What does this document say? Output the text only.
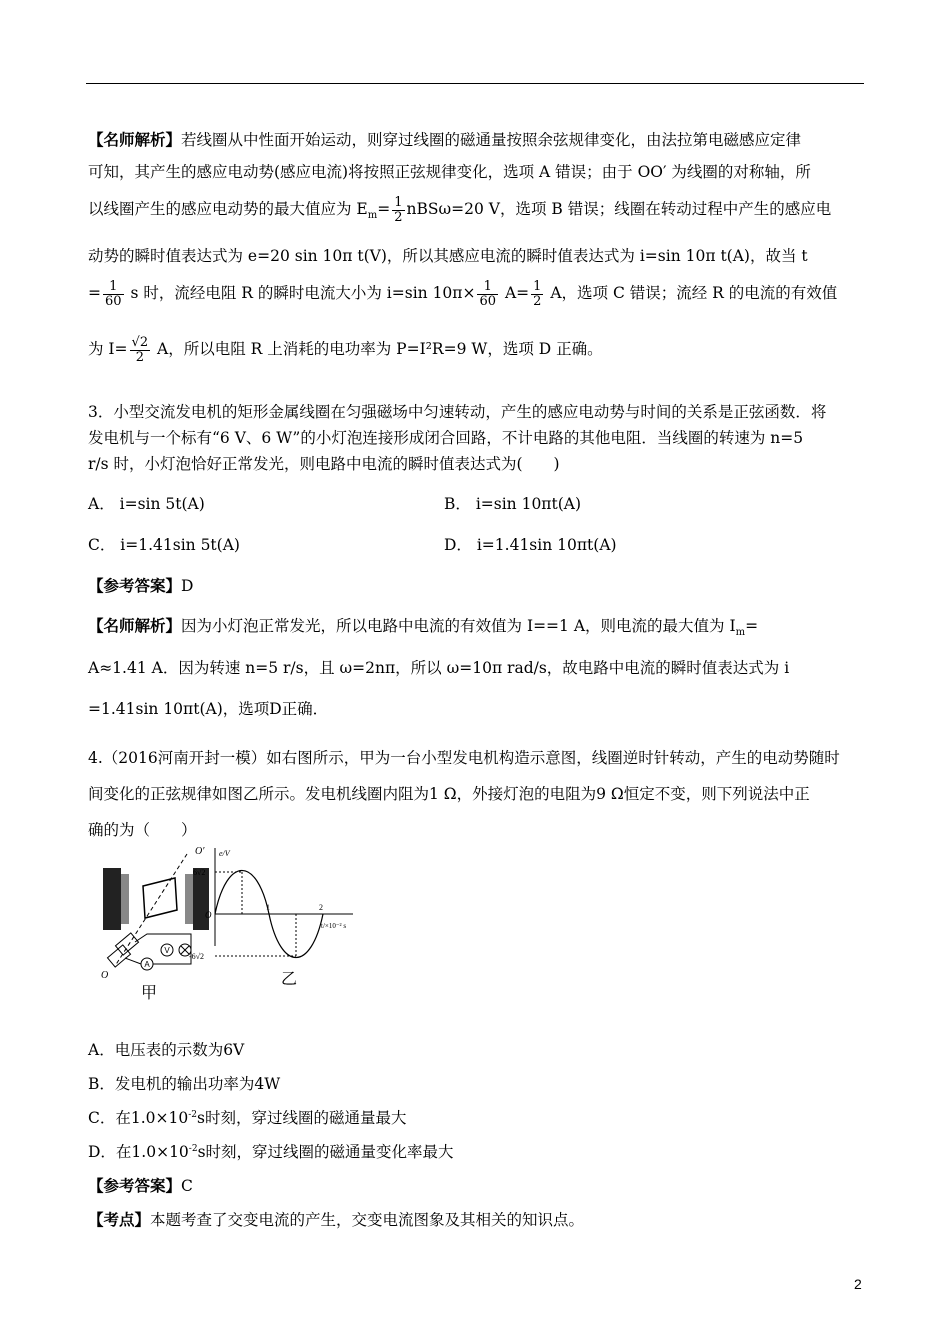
【名师解析】若线圈从中性面开始运动，则穿过线圈的磁通量按照余弦规律变化，由法拉第电磁感应定律
可知，其产生的感应电动势(感应电流)将按照正弦规律变化，选项 A 错误；由于 OO′ 为线圈的对称轴，所
以线圈产生的感应电动势的最大值应为 $E_m= \frac{1}{2} nBS\omega=20$ V，选项 B 错误；线圈在转动过程中产生的感应电
动势的瞬时值表达式为 e=20 sin 10π t(V)，所以其感应电流的瞬时值表达式为 i=sin 10π t(A)，故当 t
= $\frac{1}{60}$ s 时，流经电阻 R 的瞬时电流大小为 i=sin $10\pi\times \frac{1}{60} A= \frac{1}{2}$ A，选项 C 错误；流经 R 的电流的有效值
为 $I= \frac{√2}{2}$ A，所以电阻 R 上消耗的电功率为 P=I²R=9 W，选项 D 正确。
3．小型交流发电机的矩形金属线圈在匀强磁场中匀速转动，产生的感应电动势与时间的关系是正弦函数．将
发电机与一个标有“6 V、6 W”的小灯泡连接形成闭合回路，不计电路的其他电阻．当线圈的转速为 n=5
r/s 时，小灯泡恰好正常发光，则电路中电流的瞬时值表达式为(　　)
A． i=sin 5t(A)	B． i=sin 10πt(A)
C． i=1.41sin 5t(A)	D． i=1.41sin 10πt(A)
【参考答案】D
【名师解析】因为小灯泡正常发光，所以电路中电流的有效值为 I==1 A，则电流的最大值为 $I_m=$
A≈1.41 A．因为转速 n=5 r/s，且 ω=2nπ，所以 ω=10π rad/s，故电路中电流的瞬时值表达式为 i
=1.41sin 10πt(A)，选项D正确．
4.（2016河南开封一模）如右图所示，甲为一台小型发电机构造示意图，线圈逆时针转动，产生的电动势随时
间变化的正弦规律如图乙所示。发电机线圈内阻为1 Ω，外接灯泡的电阻为9 Ω恒定不变，则下列说法中正
确的为（　　）
A
V
O′
O
甲
e/V
6√2
-6√2
O
1	2
t/×10⁻² s
乙
A．电压表的示数为6V
B．发电机的输出功率为4W
C．在$1.0\times 10^{-2}s$时刻，穿过线圈的磁通量最大
D．在$1.0\times 10^{-2}s$时刻，穿过线圈的磁通量变化率最大
【参考答案】C
【考点】本题考查了交变电流的产生，交变电流图象及其相关的知识点。
2
